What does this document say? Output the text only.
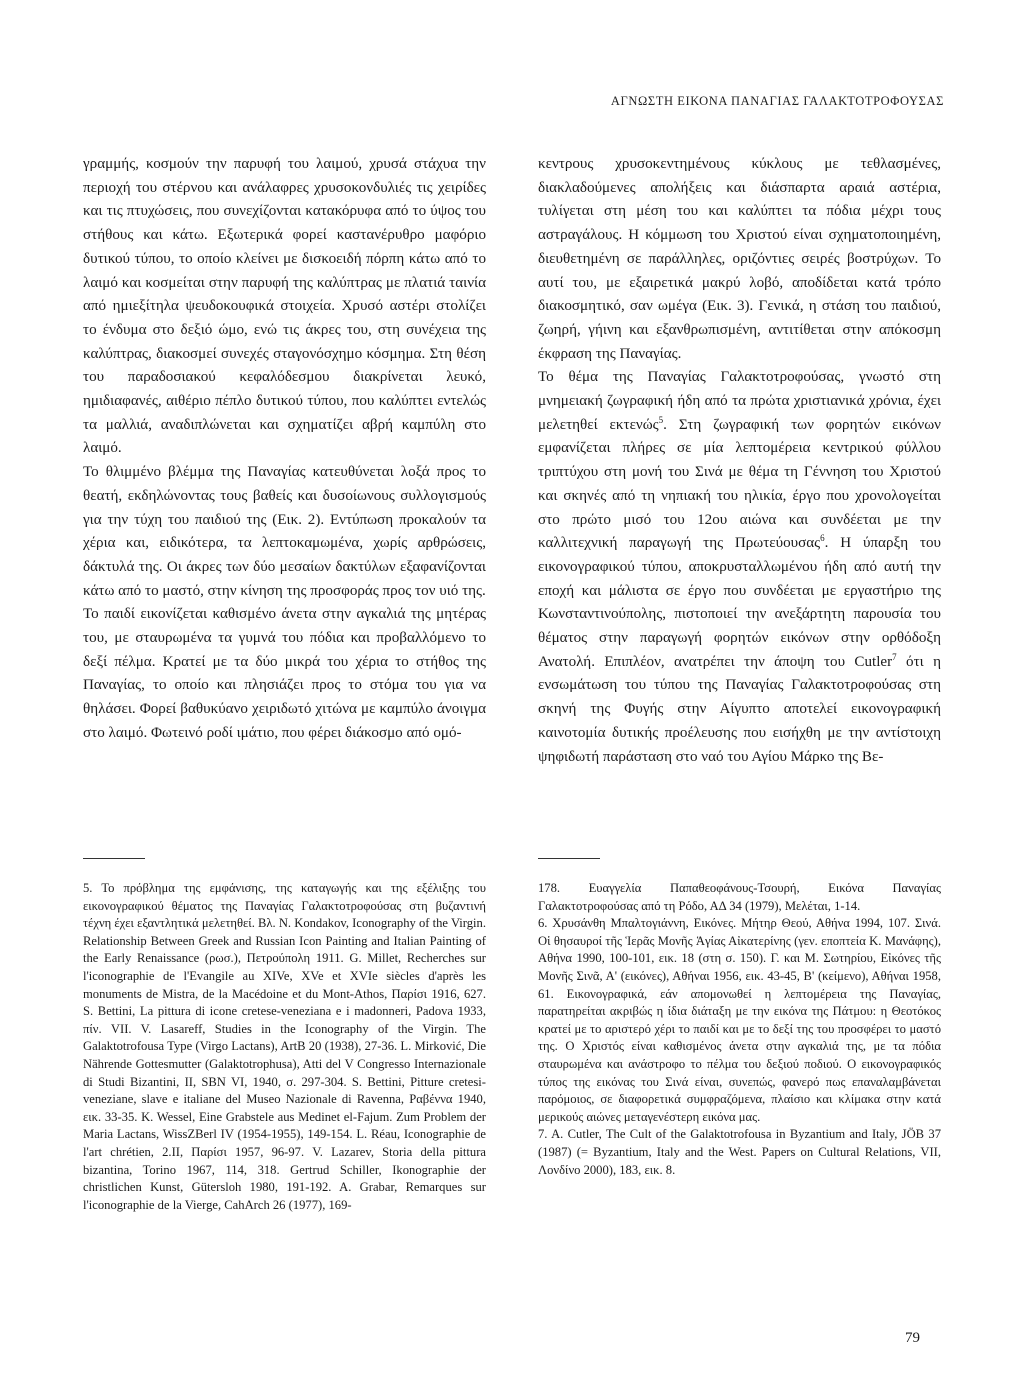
ΑΓΝΩΣΤΗ ΕΙΚΟΝΑ ΠΑΝΑΓΙΑΣ ΓΑΛΑΚΤΟΤΡΟΦΟΥΣΑΣ

γραμμής, κοσμούν την παρυφή του λαιμού, χρυσά στάχυα την περιοχή του στέρνου και ανάλαφρες χρυσοκονδυλιές τις χειρίδες και τις πτυχώσεις, που συνεχίζονται κατακόρυφα από το ύψος του στήθους και κάτω. Εξωτερικά φορεί καστανέρυθρο μαφόριο δυτικού τύπου, το οποίο κλείνει με δισκοειδή πόρπη κάτω από το λαιμό και κοσμείται στην παρυφή της καλύπτρας με πλατιά ταινία από ημιεξίτηλα ψευδοκουφικά στοιχεία. Χρυσό αστέρι στολίζει το ένδυμα στο δεξιό ώμο, ενώ τις άκρες του, στη συνέχεια της καλύπτρας, διακοσμεί συνεχές σταγονόσχημο κόσμημα. Στη θέση του παραδοσιακού κεφαλόδεσμου διακρίνεται λευκό, ημιδιαφανές, αιθέριο πέπλο δυτικού τύπου, που καλύπτει εντελώς τα μαλλιά, αναδιπλώνεται και σχηματίζει αβρή καμπύλη στο λαιμό.

Το θλιμμένο βλέμμα της Παναγίας κατευθύνεται λοξά προς το θεατή, εκδηλώνοντας τους βαθείς και δυσοίωνους συλλογισμούς για την τύχη του παιδιού της (Εικ. 2). Εντύπωση προκαλούν τα χέρια και, ειδικότερα, τα λεπτοκαμωμένα, χωρίς αρθρώσεις, δάκτυλά της. Οι άκρες των δύο μεσαίων δακτύλων εξαφανίζονται κάτω από το μαστό, στην κίνηση της προσφοράς προς τον υιό της.

Το παιδί εικονίζεται καθισμένο άνετα στην αγκαλιά της μητέρας του, με σταυρωμένα τα γυμνά του πόδια και προβαλλόμενο το δεξί πέλμα. Κρατεί με τα δύο μικρά του χέρια το στήθος της Παναγίας, το οποίο και πλησιάζει προς το στόμα του για να θηλάσει. Φορεί βαθυκύανο χειριδωτό χιτώνα με καμπύλο άνοιγμα στο λαιμό. Φωτεινό ροδί ιμάτιο, που φέρει διάκοσμο από ομό-

κεντρους χρυσοκεντημένους κύκλους με τεθλασμένες, διακλαδούμενες απολήξεις και διάσπαρτα αραιά αστέρια, τυλίγεται στη μέση του και καλύπτει τα πόδια μέχρι τους αστραγάλους. Η κόμμωση του Χριστού είναι σχηματοποιημένη, διευθετημένη σε παράλληλες, οριζόντιες σειρές βοστρύχων. Το αυτί του, με εξαιρετικά μακρύ λοβό, αποδίδεται κατά τρόπο διακοσμητικό, σαν ωμέγα (Εικ. 3). Γενικά, η στάση του παιδιού, ζωηρή, γήινη και εξανθρωπισμένη, αντιτίθεται στην απόκοσμη έκφραση της Παναγίας.

Το θέμα της Παναγίας Γαλακτοτροφούσας, γνωστό στη μνημειακή ζωγραφική ήδη από τα πρώτα χριστιανικά χρόνια, έχει μελετηθεί εκτενώς$^5$. Στη ζωγραφική των φορητών εικόνων εμφανίζεται πλήρες σε μία λεπτομέρεια κεντρικού φύλλου τριπτύχου στη μονή του Σινά με θέμα τη Γέννηση του Χριστού και σκηνές από τη νηπιακή του ηλικία, έργο που χρονολογείται στο πρώτο μισό του 12ου αιώνα και συνδέεται με την καλλιτεχνική παραγωγή της Πρωτεύουσας$^6$. Η ύπαρξη του εικονογραφικού τύπου, αποκρυσταλλωμένου ήδη από αυτή την εποχή και μάλιστα σε έργο που συνδέεται με εργαστήριο της Κωνσταντινούπολης, πιστοποιεί την ανεξάρτητη παρουσία του θέματος στην παραγωγή φορητών εικόνων στην ορθόδοξη Ανατολή. Επιπλέον, ανατρέπει την άποψη του Cutler$^7$ ότι η ενσωμάτωση του τύπου της Παναγίας Γαλακτοτροφούσας στη σκηνή της Φυγής στην Αίγυπτο αποτελεί εικονογραφική καινοτομία δυτικής προέλευσης που εισήχθη με την αντίστοιχη ψηφιδωτή παράσταση στο ναό του Αγίου Μάρκο της Βε-

5. Το πρόβλημα της εμφάνισης, της καταγωγής και της εξέλιξης του εικονογραφικού θέματος της Παναγίας Γαλακτοτροφούσας στη βυζαντινή τέχνη έχει εξαντλητικά μελετηθεί. Βλ. Ν. Kondakov, Iconography of the Virgin. Relationship Between Greek and Russian Icon Painting and Italian Painting of the Early Renaissance (ρωσ.), Πετρούπολη 1911. G. Millet, Recherches sur l'iconographie de l'Evangile au XIVe, XVe et XVIe siècles d'après les monuments de Mistra, de la Macédoine et du Mont-Athos, Παρίσι 1916, 627. S. Bettini, La pittura di icone cretese-veneziana e i madonneri, Padova 1933, πίν. VII. V. Lasareff, Studies in the Iconography of the Virgin. The Galaktotrofousa Type (Virgo Lactans), ArtB 20 (1938), 27-36. L. Mirković, Die Nährende Gottesmutter (Galaktotrophusa), Atti del V Congresso Internazionale di Studi Bizantini, II, SBN VI, 1940, σ. 297-304. S. Bettini, Pitture cretesi-veneziane, slave e italiane del Museo Nazionale di Ravenna, Ραβέννα 1940, εικ. 33-35. K. Wessel, Eine Grabstele aus Medinet el-Fajum. Zum Problem der Maria Lactans, WissZBerl IV (1954-1955), 149-154. L. Réau, Iconographie de l'art chrétien, 2.II, Παρίσι 1957, 96-97. V. Lazarev, Storia della pittura bizantina, Torino 1967, 114, 318. Gertrud Schiller, Ikonographie der christlichen Kunst, Gütersloh 1980, 191-192. A. Grabar, Remarques sur l'iconographie de la Vierge, CahArch 26 (1977), 169-

178. Ευαγγελία Παπαθεοφάνους-Τσουρή, Εικόνα Παναγίας Γαλακτοτροφούσας από τη Ρόδο, ΑΔ 34 (1979), Μελέται, 1-14.

6. Χρυσάνθη Μπαλτογιάννη, Εικόνες. Μήτηρ Θεού, Αθήνα 1994, 107. Σινά. Οἱ θησαυροί τῆς Ἱερᾶς Μονῆς Ἁγίας Αἰκατερίνης (γεν. εποπτεία Κ. Μανάφης), Αθήνα 1990, 100-101, εικ. 18 (στη σ. 150). Γ. και Μ. Σωτηρίου, Εἰκόνες τῆς Μονῆς Σινᾶ, Α' (εικόνες), Αθήναι 1956, εικ. 43-45, Β' (κείμενο), Αθήναι 1958, 61. Εικονογραφικά, εάν απομονωθεί η λεπτομέρεια της Παναγίας, παρατηρείται ακριβώς η ίδια διάταξη με την εικόνα της Πάτμου: η Θεοτόκος κρατεί με το αριστερό χέρι το παιδί και με το δεξί της του προσφέρει το μαστό της. Ο Χριστός είναι καθισμένος άνετα στην αγκαλιά της, με τα πόδια σταυρωμένα και ανάστροφο το πέλμα του δεξιού ποδιού. Ο εικονογραφικός τύπος της εικόνας του Σινά είναι, συνεπώς, φανερό πως επαναλαμβάνεται παρόμοιος, σε διαφορετικά συμφραζόμενα, πλαίσιο και κλίμακα στην κατά μερικούς αιώνες μεταγενέστερη εικόνα μας.

7. A. Cutler, The Cult of the Galaktotrofousa in Byzantium and Italy, JÖB 37 (1987) (= Byzantium, Italy and the West. Papers on Cultural Relations, VII, Λονδίνο 2000), 183, εικ. 8.

79
